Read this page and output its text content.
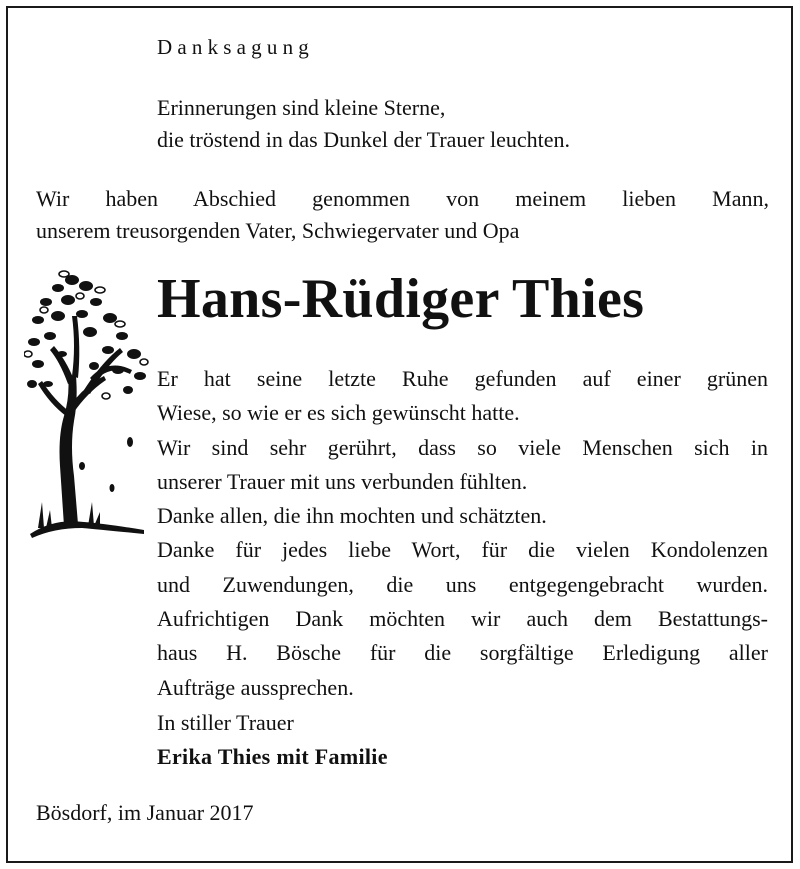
Danksagung
Erinnerungen sind kleine Sterne,
die tröstend in das Dunkel der Trauer leuchten.
Wir haben Abschied genommen von meinem lieben Mann,
unserem treusorgenden Vater, Schwiegervater und Opa
Hans-Rüdiger Thies
Er hat seine letzte Ruhe gefunden auf einer grünen
Wiese, so wie er es sich gewünscht hatte.
Wir sind sehr gerührt, dass so viele Menschen sich in
unserer Trauer mit uns verbunden fühlten.
Danke allen, die ihn mochten und schätzten.
Danke für jedes liebe Wort, für die vielen Kondolenzen
und Zuwendungen, die uns entgegengebracht wurden.
Aufrichtigen Dank möchten wir auch dem Bestattungs-
haus H. Bösche für die sorgfältige Erledigung aller
Aufträge aussprechen.
In stiller Trauer
Erika Thies mit Familie
Bösdorf, im Januar 2017
